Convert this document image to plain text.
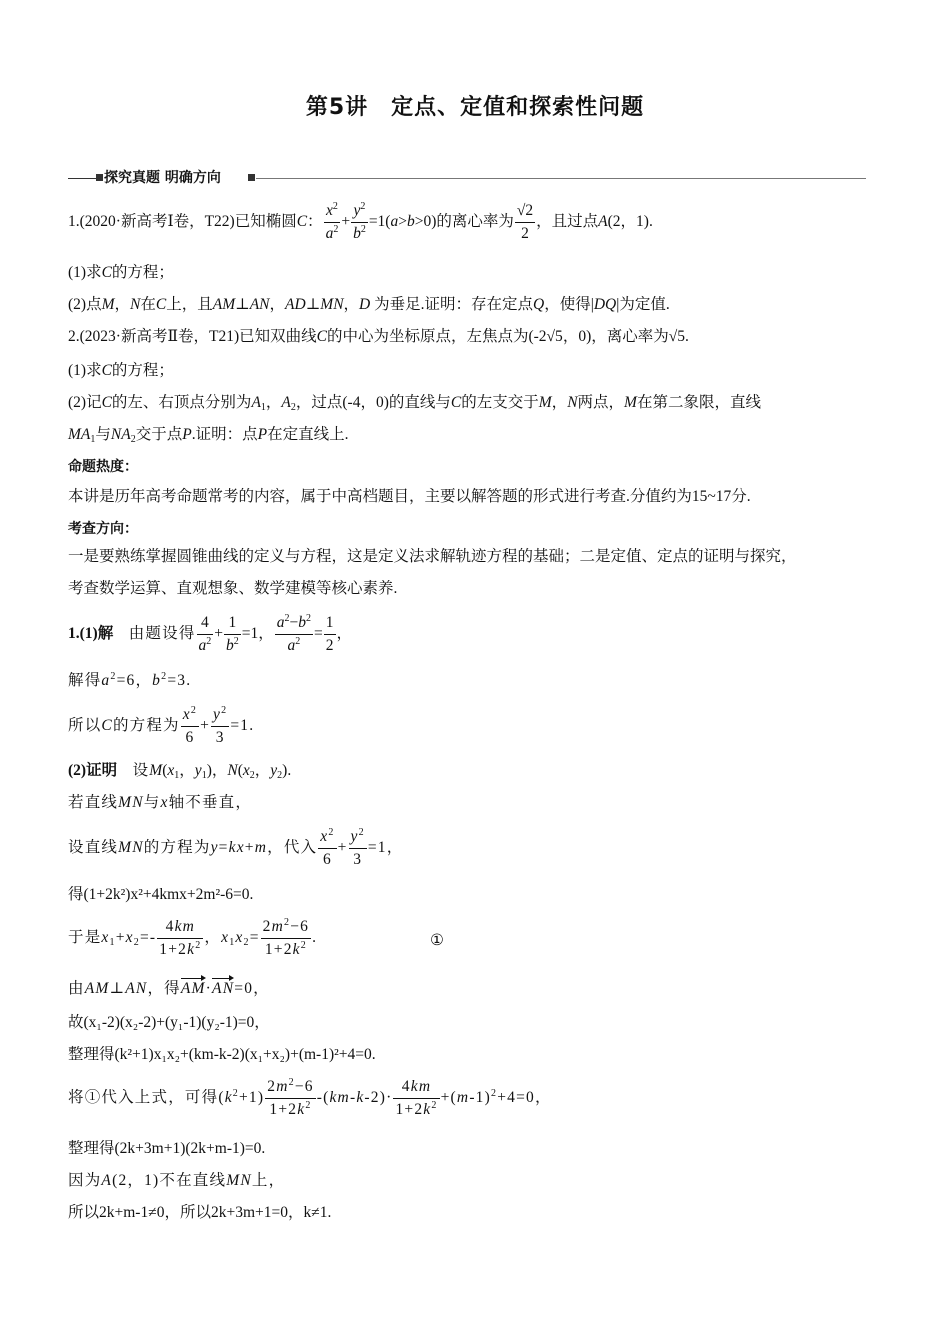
第5讲　定点、定值和探索性问题
探究真题 明确方向
1.(2020·新高考Ⅰ卷，T22)已知椭圆C： $\frac{x^2}{a^2} + \frac{y^2}{b^2} =1(a>b>0)$的离心率为 $\frac{√2}{2}$ ，且过点A(2，1).
(1)求C的方程；
(2)点M，N在C上，且AM⊥AN，AD⊥MN，D 为垂足.证明：存在定点Q，使得|DQ|为定值.
2.(2023·新高考Ⅱ卷，T21)已知双曲线C的中心为坐标原点，左焦点为(-2√5，0)，离心率为√5.
(1)求C的方程；
(2)记C的左、右顶点分别为$A_1$，$A_2$，过点(-4，0)的直线与C的左支交于M，N两点，M在第二象限，直线
$MA_1$与$NA_2$交于点P.证明：点P在定直线上.
命题热度：
本讲是历年高考命题常考的内容，属于中高档题目，主要以解答题的形式进行考查.分值约为15~17分.
考查方向：
一是要熟练掌握圆锥曲线的定义与方程，这是定义法求解轨迹方程的基础；二是定值、定点的证明与探究，
考查数学运算、直观想象、数学建模等核心素养.
1.(1)解　 由题设得 $\frac{4}{a^2} + \frac{1}{b^2} =1$， $\frac{a^2-b^2}{a^2} = \frac{1}{2}$ ，
解得$a^2=6$，$b^2=3$.
所以C的方程为 $\frac{x^2}{6} + \frac{y^2}{3} =1$.
(2)证明　 设$M(x_1$，$y_1$)，$N(x_2$，$y_2$).
若直线MN与x轴不垂直，
设直线MN的方程为y=kx+m，代入 $\frac{x^2}{6} + \frac{y^2}{3} =1$，
得(1+2k²)x²+4kmx+2m²-6=0.
于是$x_1+x_2=- \frac{4km}{1+2k^2}$ ，$x_1x_2= \frac{2m^2-6}{1+2k^2}$ .	①
由AM⊥AN，得AM·AN=0，
故(x₁-2)(x₂-2)+(y₁-1)(y₂-1)=0，
整理得(k²+1)x₁x₂+(km-k-2)(x₁+x₂)+(m-1)²+4=0.
将①代入上式，可得$(k^2+1) \frac{2m^2-6}{1+2k^2} -(km-k-2)\cdot \frac{4km}{1+2k^2} +(m-1)^2+4=0$，
整理得(2k+3m+1)(2k+m-1)=0.
因为A(2，1)不在直线MN上，
所以2k+m-1≠0，所以2k+3m+1=0，k≠1.
